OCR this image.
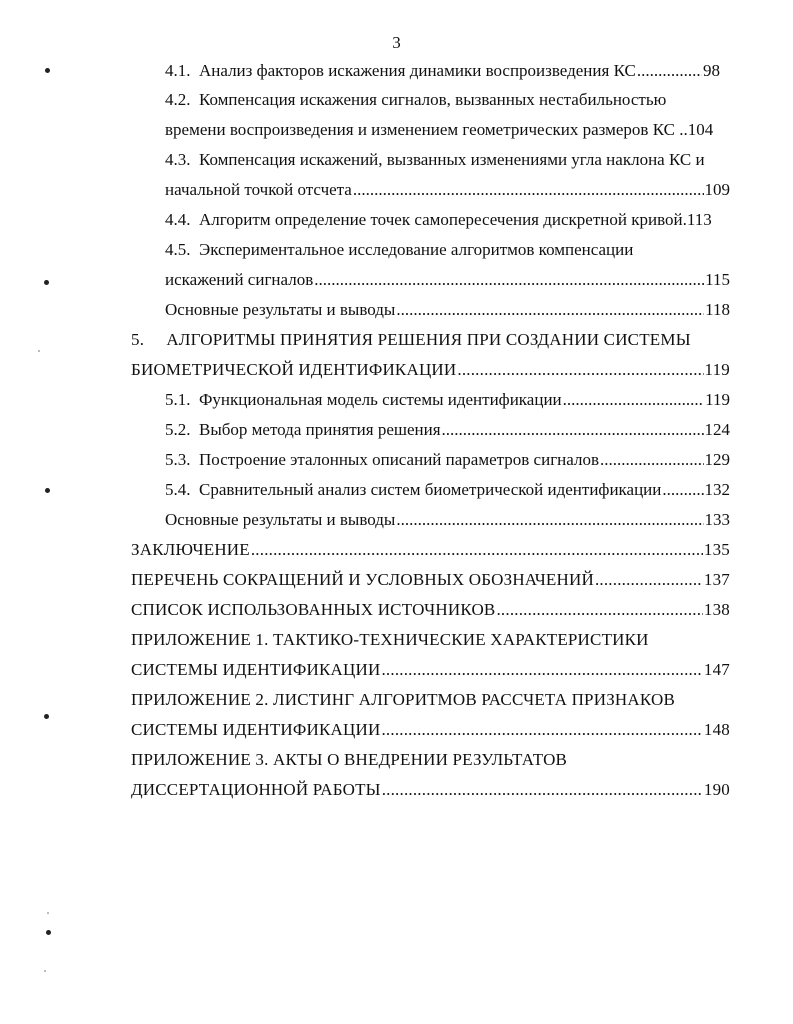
3
4.1.  Анализ факторов искажения динамики воспроизведения КС .....	98
4.2.  Компенсация искажения сигналов, вызванных нестабильностью
времени воспроизведения и изменением геометрических размеров КС .. 104
4.3.  Компенсация искажений, вызванных изменениями угла наклона КС и
начальной точкой отсчета .....	109
4.4.  Алгоритм определение точек самопересечения дискретной кривой. 113
4.5.  Экспериментальное исследование алгоритмов компенсации
искажений сигналов .....	115
Основные результаты и выводы .....	118
5.     АЛГОРИТМЫ ПРИНЯТИЯ РЕШЕНИЯ ПРИ СОЗДАНИИ СИСТЕМЫ
БИОМЕТРИЧЕСКОЙ ИДЕНТИФИКАЦИИ .....	119
5.1.  Функциональная модель системы идентификации .....	119
5.2.  Выбор метода принятия решения .....	124
5.3.  Построение эталонных описаний параметров сигналов .....	129
5.4.  Сравнительный анализ систем биометрической идентификации .....	132
Основные результаты и выводы .....	133
ЗАКЛЮЧЕНИЕ .....	135
ПЕРЕЧЕНЬ СОКРАЩЕНИЙ И УСЛОВНЫХ ОБОЗНАЧЕНИЙ .....	137
СПИСОК ИСПОЛЬЗОВАННЫХ ИСТОЧНИКОВ .....	138
ПРИЛОЖЕНИЕ 1. ТАКТИКО-ТЕХНИЧЕСКИЕ ХАРАКТЕРИСТИКИ
СИСТЕМЫ ИДЕНТИФИКАЦИИ .....	147
ПРИЛОЖЕНИЕ 2. ЛИСТИНГ АЛГОРИТМОВ РАССЧЕТА ПРИЗНАКОВ
СИСТЕМЫ ИДЕНТИФИКАЦИИ .....	148
ПРИЛОЖЕНИЕ 3. АКТЫ О ВНЕДРЕНИИ РЕЗУЛЬТАТОВ
ДИССЕРТАЦИОННОЙ РАБОТЫ .....	190
